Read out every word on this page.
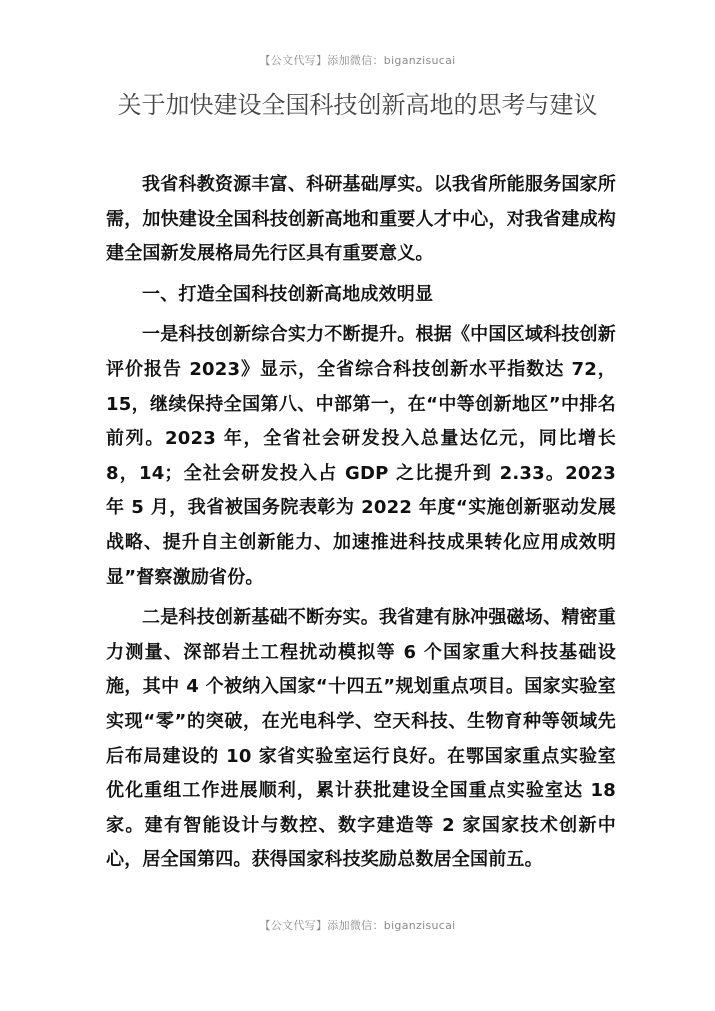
【公文代写】添加微信：biganzisucai
关于加快建设全国科技创新高地的思考与建议

我省科教资源丰富、科研基础厚实。以我省所能服务国家所需，加快建设全国科技创新高地和重要人才中心，对我省建成构建全国新发展格局先行区具有重要意义。

一、打造全国科技创新高地成效明显

一是科技创新综合实力不断提升。根据《中国区域科技创新评价报告 2023》显示，全省综合科技创新水平指数达 72，15，继续保持全国第八、中部第一，在“中等创新地区”中排名前列。2023 年，全省社会研发投入总量达亿元，同比增长 8，14；全社会研发投入占 GDP 之比提升到 2.33。2023 年 5 月，我省被国务院表彰为 2022 年度“实施创新驱动发展战略、提升自主创新能力、加速推进科技成果转化应用成效明显”督察激励省份。

二是科技创新基础不断夯实。我省建有脉冲强磁场、精密重力测量、深部岩土工程扰动模拟等 6 个国家重大科技基础设施，其中 4 个被纳入国家“十四五”规划重点项目。国家实验室实现“零”的突破，在光电科学、空天科技、生物育种等领域先后布局建设的 10 家省实验室运行良好。在鄂国家重点实验室优化重组工作进展顺利，累计获批建设全国重点实验室达 18 家。建有智能设计与数控、数字建造等 2 家国家技术创新中心，居全国第四。获得国家科技奖励总数居全国前五。

【公文代写】添加微信：biganzisucai
